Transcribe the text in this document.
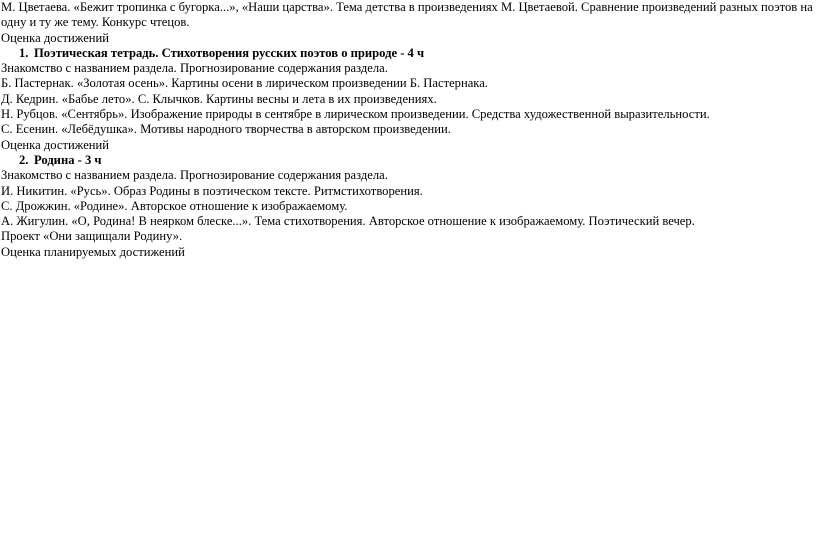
М. Цветаева. «Бежит тропинка с бугорка...», «Наши царства». Тема детства в произведениях М. Цветаевой. Сравнение произведений разных поэтов на одну и ту же тему. Конкурс чтецов.

Оценка достижений

1. Поэтическая тетрадь. Стихотворения русских поэтов о природе - 4 ч

Знакомство с названием раздела. Прогнозирование содержания раздела.

Б. Пастернак. «Золотая осень». Картины осени в лирическом произведении Б. Пастернака.

Д. Кедрин. «Бабье лето». С. Клычков. Картины весны и лета в их произведениях.

Н. Рубцов. «Сентябрь». Изображение природы в сентябре в лирическом произведении. Средства художественной выразительности.

С. Есенин. «Лебёдушка». Мотивы народного творчества в авторском произведении.

Оценка достижений

2. Родина - 3 ч

Знакомство с названием раздела. Прогнозирование содержания раздела.

И. Никитин. «Русь». Образ Родины в поэтическом тексте. Ритмстихотворения.

С. Дрожжин. «Родине». Авторское отношение к изображаемому.

А. Жигулин. «О, Родина! В неярком блеске...». Тема стихотворения. Авторское отношение к изображаемому. Поэтический вечер.

Проект «Они защищали Родину».

Оценка планируемых достижений
